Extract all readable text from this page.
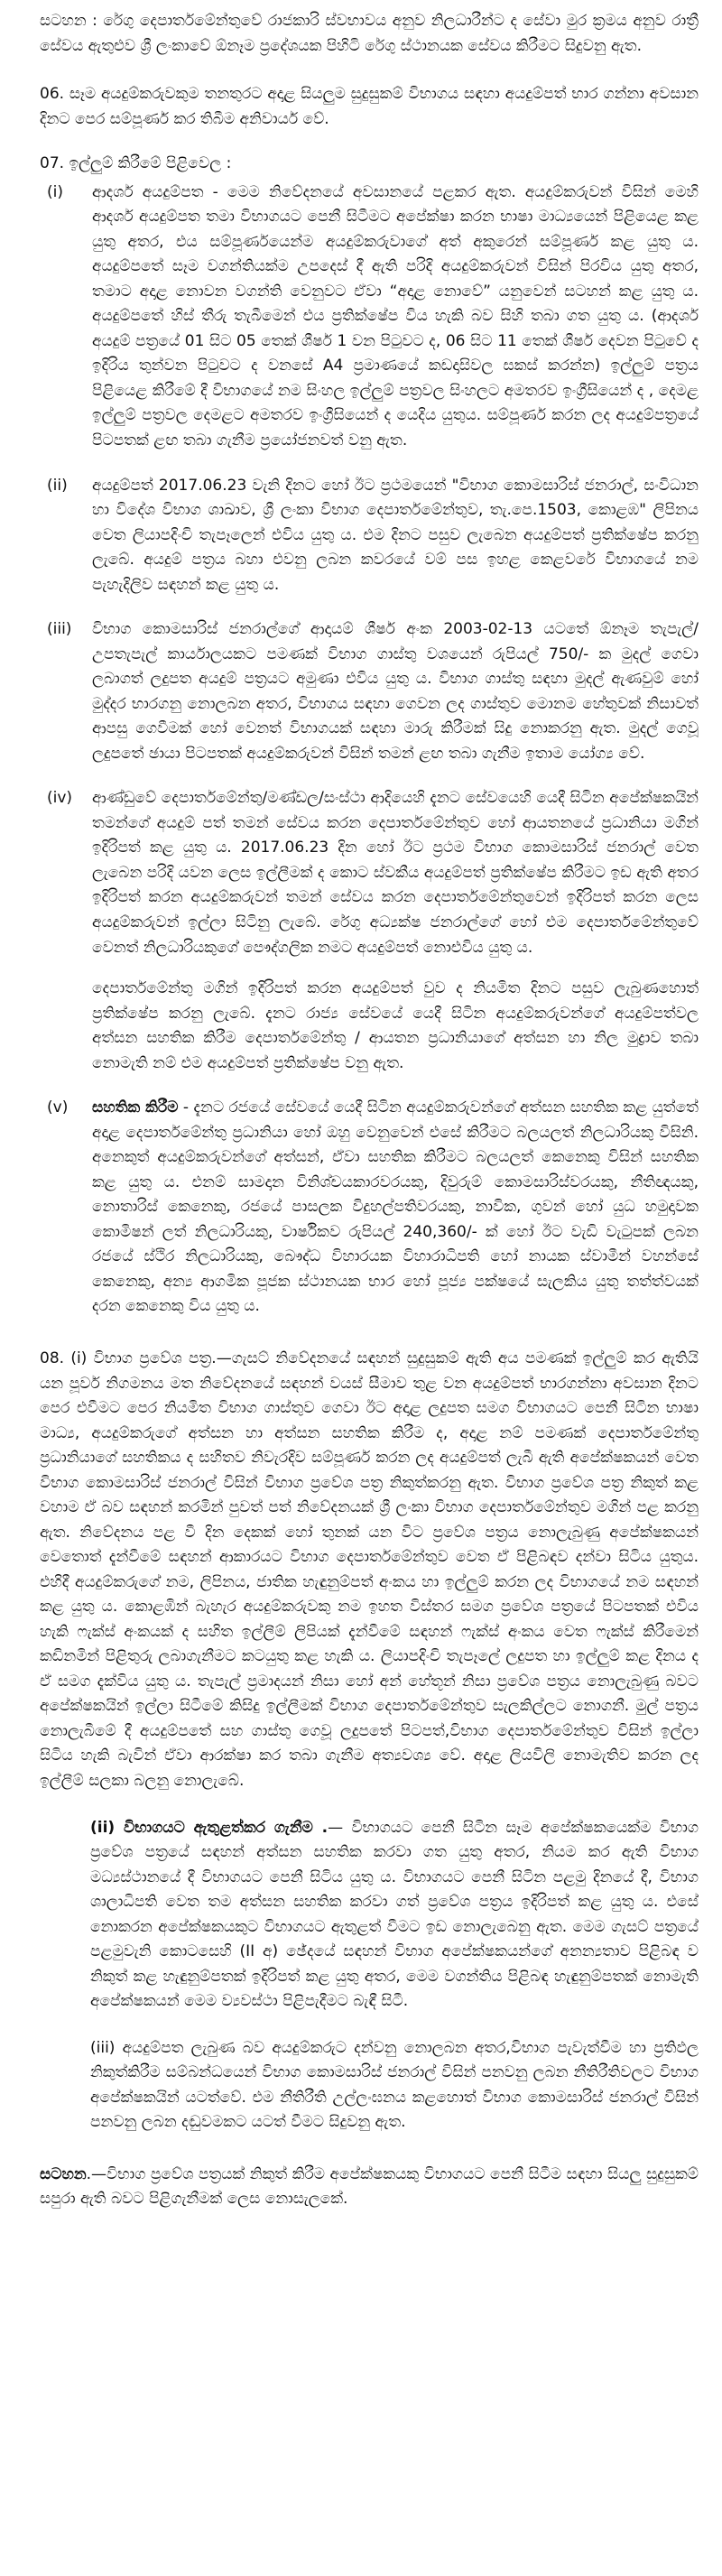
සටහන : රේගු දෙපාර්තමේන්තුවේ රාජකාරි ස්වභාවය අනුව නිලධාරීන්ට ද සේවා මුර ක්‍රමය අනුව රාත්‍රී සේවය ඇතුළුව ශ්‍රී ලංකාවේ ඕනෑම ප්‍රදේශයක පිහිටි රේගු ස්ථානයක සේවය කිරීමට සිදුවනු ඇත.

06. සෑම අයදුම්කරුවකුම තනතුරට අදාළ සියලුම සුදුසුකම් විභාගය සඳහා අයදුම්පත් භාර ගන්නා අවසාන දිනට පෙර සම්පූර්ණ කර තිබීම අනිවාර්ය වේ.

07. ඉල්ලුම් කිරීමේ පිළිවෙල :

(i)	ආදර්ශ අයදුම්පත - මෙම නිවේදනයේ අවසානයේ පළකර ඇත. අයදුම්කරුවන් විසින් මෙහි ආදර්ශ අයදුම්පත තමා විභාගයට පෙනී සිටීමට අපේක්ෂා කරන භාෂා මාධ්‍යයෙන් පිළියෙළ කළ යුතු අතර, එය සම්පූර්ණයෙන්ම අයදුම්කරුවාගේ අත් අකුරෙන් සම්පූර්ණ කළ යුතු ය. අයදුම්පතේ සෑම වගන්තියක්ම උපදෙස් දී ඇති පරිදි අයදුම්කරුවන් විසින් පිරවිය යුතු අතර, තමාට අදාළ නොවන වගන්ති වෙනුවට ඒවා “අදාළ නොවේ” යනුවෙන් සටහන් කළ යුතු ය. අයදුම්පතේ හිස් තීරු තැබීමෙන් එය ප්‍රතික්ෂේප විය හැකි බව සිහි තබා ගත යුතු ය. (ආදර්ශ අයදුම් පත්‍රයේ 01 සිට 05 තෙක් ශීර්ෂ 1 වන පිටුවට ද, 06 සිට 11 තෙක් ශීර්ෂ දෙවන පිටුවේ ද ඉදිරිය තුන්වන පිටුවට ද වනසේ A4 ප්‍රමාණයේ කඩදාසිවල සකස් කරන්න) ඉල්ලුම් පත්‍රය පිළියෙළ කිරීමේ දී විභාගයේ නම සිංහල ඉල්ලුම් පත්‍රවල සිංහලට අමතරව ඉංග්‍රීසියෙන් ද , දෙමළ ඉල්ලුම් පත්‍රවල දෙමළට අමතරව ඉංග්‍රීසියෙන් ද යෙදිය යුතුය. සම්පූර්ණ කරන ලද අයදුම්පත්‍රයේ පිටපතක් ළඟ තබා ගැනීම ප්‍රයෝජනවත් වනු ඇත.

(ii)	අයදුම්පත් 2017.06.23 වැනි දිනට හෝ ඊට ප්‍රථමයෙන් "විභාග කොමසාරිස් ජනරාල්, සංවිධාන හා විදේශ විභාග ශාඛාව, ශ්‍රී ලංකා විභාග දෙපාර්තමේන්තුව, තැ.පෙ.1503, කොළඹ" ලිපිනය වෙත ලියාපදිංචි තැපෑලෙන් එවිය යුතු ය. එම දිනට පසුව ලැබෙන අයදුම්පත් ප්‍රතික්ෂේප කරනු ලැබේ. අයදුම් පත්‍රය බහා එවනු ලබන කවරයේ වම් පස ඉහළ කෙළවරේ විභාගයේ නම පැහැදිලිව සඳහන් කළ යුතු ය.

(iii)	විභාග කොමසාරිස් ජනරාල්ගේ ආදායම් ශීර්ෂ අංක 2003-02-13 යටතේ ඕනෑම තැපැල්/ උපතැපැල් කාර්යාලයකට පමණක් විභාග ගාස්තු වශයෙන් රුපියල් 750/- ක මුදල් ගෙවා ලබාගත් ලදුපත අයදුම් පත්‍රයට අමුණා එවිය යුතු ය. විභාග ගාස්තු සඳහා මුදල් ඇණවුම් හෝ මුද්දර භාරගනු නොලබන අතර, විභාගය සඳහා ගෙවන ලද ගාස්තුව මොනම හේතුවක් නිසාවත් ආපසු ගෙවීමක් හෝ වෙනත් විභාගයක් සඳහා මාරු කිරීමක් සිදු නොකරනු ඇත. මුදල් ගෙවූ ලදුපතේ ඡායා පිටපතක් අයදුම්කරුවන් විසින් තමන් ළඟ තබා ගැනීම ඉතාම යෝග්‍ය වේ.

(iv)	ආණ්ඩුවේ දෙපාර්තමේන්තු/මණ්ඩල/සංස්ථා ආදියෙහි දැනට සේවයෙහි යෙදී සිටින අපේක්ෂකයින් තමන්ගේ අයදුම් පත් තමන් සේවය කරන දෙපාර්තමේන්තුව හෝ ආයතනයේ ප්‍රධානියා මගින් ඉදිරිපත් කළ යුතු ය. 2017.06.23 දින හෝ ඊට ප්‍රථම විභාග කොමසාරිස් ජනරාල් වෙත ලැබෙන පරිදි යවන ලෙස ඉල්ලීමක් ද කොට ස්වකීය අයදුම්පත් ප්‍රතික්ෂේප කිරීමට ඉඩ ඇති අතර ඉදිරිපත් කරන අයදුම්කරුවන් තමන් සේවය කරන දෙපාර්තමේන්තුවෙන් ඉදිරිපත් කරන ලෙස අයදුම්කරුවන් ඉල්ලා සිටිනු ලැබේ. රේගු අධ්‍යක්ෂ ජනරාල්ගේ හෝ එම දෙපාර්තමේන්තුවේ වෙනත් නිලධාරියකුගේ පෞද්ගලික නමට අයදුම්පත් නොඑවිය යුතු ය.

දෙපාර්තමේන්තු මගින් ඉදිරිපත් කරන අයදුම්පත් වුව ද නියමිත දිනට පසුව ලැබුණහොත් ප්‍රතික්ෂේප කරනු ලැබේ. දැනට රාජ්‍ය සේවයේ යෙදී සිටින අයදුම්කරුවන්ගේ අයදුම්පත්වල අත්සන සහතික කිරීම දෙපාර්තමේන්තු / ආයතන ප්‍රධානියාගේ අත්සන හා නිල මුද්‍රාව තබා නොමැති නම් එම අයදුම්පත් ප්‍රතික්ෂේප වනු ඇත.

(v)	සහතික කිරීම - දැනට රජයේ සේවයේ යෙදී සිටින අයදුම්කරුවන්ගේ අත්සන සහතික කළ යුත්තේ අදාළ දෙපාර්තමේන්තු ප්‍රධානියා හෝ ඔහු වෙනුවෙන් එසේ කිරීමට බලයලත් නිලධාරියකු විසිනි. අනෙකුත් අයදුම්කරුවන්ගේ අත්සන්, ඒවා සහතික කිරීමට බලයලත් කෙනෙකු විසින් සහතික කළ යුතු ය. එනම් සාමදාන විනිශ්චයකාරවරයකු, දිවුරුම් කොමසාරිස්වරයකු, නීතිඥයකු, නොතාරිස් කෙනෙකු, රජයේ පාසලක විදුහල්පතිවරයකු, නාවික, ගුවන් හෝ යුධ හමුදාවක කොමිෂන් ලත් නිලධාරියකු, වාර්ෂිකව රුපියල් 240,360/- ක් හෝ ඊට වැඩි වැටුපක් ලබන රජයේ ස්ථිර නිලධාරියකු, බෞද්ධ විහාරයක විහාරාධිපති හෝ නායක ස්වාමීන් වහන්සේ කෙනෙකු, අන්‍ය ආගමික පූජක ස්ථානයක භාර හෝ පූජ්‍ය පක්ෂයේ සැලකිය යුතු තත්ත්වයක් දරන කෙනෙකු විය යුතු ය.

08. (i) විභාග ප්‍රවේශ පත්‍ර.—ගැසට් නිවේදනයේ සඳහන් සුදුසුකම් ඇති අය පමණක් ඉල්ලුම් කර ඇතියි යන පූර්ව නිගමනය මත නිවේදනයේ සඳහන් වයස් සීමාව තුළ වන අයදුම්පත් භාරගන්නා අවසාන දිනට පෙර එවීමට පෙර නියමිත විභාග ගාස්තුව ගෙවා ඊට අදාළ ලදුපත සමග විභාගයට පෙනී සිටින භාෂා මාධ්‍ය, අයදුම්කරුගේ අත්සන හා අත්සන සහතික කිරීම ද, අදාළ නම් පමණක් දෙපාර්තමේන්තු ප්‍රධානියාගේ සහතිකය ද සහිතව නිවැරදිව සම්පූර්ණ කරන ලද අයදුම්පත් ලැබී ඇති අපේක්ෂකයන් වෙත විභාග කොමසාරිස් ජනරාල් විසින් විභාග ප්‍රවේශ පත්‍ර නිකුත්කරනු ඇත. විභාග ප්‍රවේශ පත්‍ර නිකුත් කළ වහාම ඒ බව සඳහන් කරමින් පුවත් පත් නිවේදනයක් ශ්‍රී ලංකා විභාග දෙපාර්තමේන්තුව මගින් පළ කරනු ඇත. නිවේදනය පළ වී දින දෙකක් හෝ තුනක් යන විට ප්‍රවේශ පත්‍රය නොලැබුණු අපේක්ෂකයන් වෙතොත් දැන්වීමේ සඳහන් ආකාරයට විභාග දෙපාර්තමේන්තුව වෙත ඒ පිළිබඳව දන්වා සිටිය යුතුය. එහිදී අයදුම්කරුගේ නම, ලිපිනය, ජාතික හැඳුනුම්පත් අංකය හා ඉල්ලුම් කරන ලද විභාගයේ නම සඳහන් කළ යුතු ය. කොළඹින් බැහැර අයදුම්කරුවකු නම ඉහත විස්තර සමග ප්‍රවේශ පත්‍රයේ පිටපතක් එවිය හැකි ෆැක්ස් අංකයක් ද සහිත ඉල්ලීම් ලිපියක් දැන්වීමේ සඳහන් ෆැක්ස් අංකය වෙත ෆැක්ස් කිරීමෙන් කඩිනමින් පිළිතුරු ලබාගැනීමට කටයුතු කළ හැකි ය. ලියාපදිංචි තැපෑලේ ලදුපත හා ඉල්ලුම් කළ දිනය ද ඒ සමග දැක්විය යුතු ය. තැපැල් ප්‍රමාදයන් නිසා හෝ අන් හේතූන් නිසා ප්‍රවේශ පත්‍රය නොලැබුණු බවට අපේක්ෂකයින් ඉල්ලා සිටීමේ කිසිදු ඉල්ලීමක් විභාග දෙපාර්තමේන්තුව සැලකිල්ලට නොගනී. මුල් පත්‍රය නොලැබීමේ දී අයදුම්පතේ සහ ගාස්තු ගෙවූ ලදුපතේ පිටපත්,විභාග දෙපාර්තමේන්තුව විසින් ඉල්ලා සිටිය හැකි බැවින් ඒවා ආරක්ෂා කර තබා ගැනීම අත්‍යවශ්‍ය වේ. අදාළ ලියවිලි නොමැතිව කරන ලද ඉල්ලීම් සලකා බලනු නොලැබේ.

(ii) විභාගයට ඇතුළත්කර ගැනීම .— විභාගයට පෙනී සිටින සෑම අපේක්ෂකයෙක්ම විභාග ප්‍රවේශ පත්‍රයේ සඳහන් අත්සන සහතික කරවා ගත යුතු අතර, නියම කර ඇති විභාග මධ්‍යස්ථානයේ දී විභාගයට පෙනී සිටිය යුතු ය. විභාගයට පෙනී සිටින පළමු දිනයේ දී, විභාග ශාලාධිපති වෙත තම අත්සන සහතික කරවා ගත් ප්‍රවේශ පත්‍රය ඉදිරිපත් කළ යුතු ය. එසේ නොකරන අපේක්ෂකයකුට විභාගයට ඇතුළත් වීමට ඉඩ නොලැබෙනු ඇත. මෙම ගැසට් පත්‍රයේ පළමුවැනි කොටසෙහි (II අ) ඡේදයේ සඳහන් විභාග අපේක්ෂකයන්ගේ අනන්‍යතාව පිළිබඳ ව නිකුත් කළ හැඳුනුම්පතක් ඉදිරිපත් කළ යුතු අතර, මෙම වගන්තිය පිළිබඳ හැඳුනුම්පතක් නොමැති අපේක්ෂකයන් මෙම ව්‍යවස්ථා පිළිපැදීමට බැඳී සිටී.

(iii) අයදුම්පත ලැබුණ බව අයදුම්කරුට දන්වනු නොලබන අතර,විභාග පැවැත්වීම හා ප්‍රතිඵල නිකුත්කිරීම සම්බන්ධයෙන් විභාග කොමසාරිස් ජනරාල් විසින් පනවනු ලබන නීතිරීතිවලට විභාග අපේක්ෂකයින් යටත්වේ. එම නීතිරීති උල්ලංඝනය කළහොත් විභාග කොමසාරිස් ජනරාල් විසින් පනවනු ලබන දඬුවමකට යටත් වීමට සිදුවනු ඇත.

සටහන.—විභාග ප්‍රවේශ පත්‍රයක් නිකුත් කිරීම අපේක්ෂකයකු විභාගයට පෙනී සිටීම සඳහා සියලු සුදුසුකම් සපුරා ඇති බවට පිළිගැනීමක් ලෙස නොසැලකේ.
